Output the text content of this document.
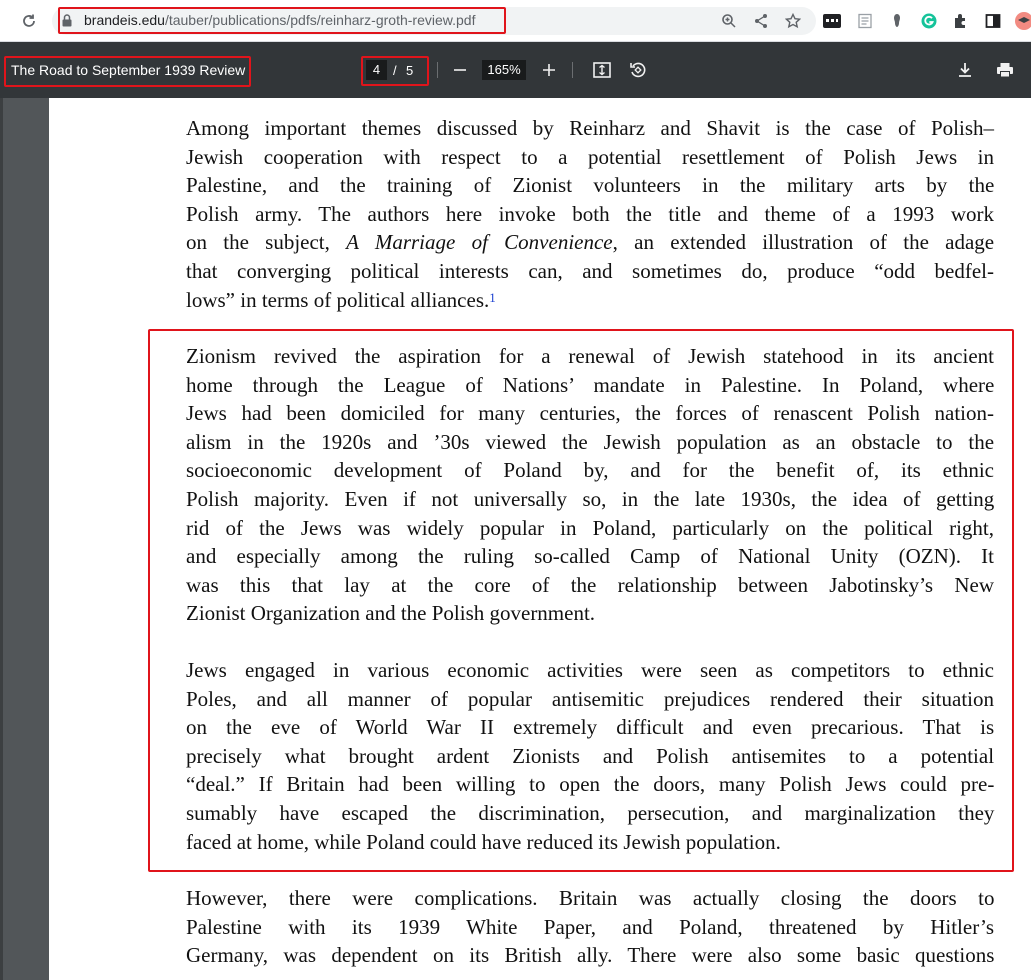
brandeis.edu/tauber/publications/pdfs/reinharz-groth-review.pdf
The Road to September 1939 Review	4 / 5	165%
Among important themes discussed by Reinharz and Shavit is the case of Polish–
Jewish cooperation with respect to a potential resettlement of Polish Jews in
Palestine, and the training of Zionist volunteers in the military arts by the
Polish army. The authors here invoke both the title and theme of a 1993 work
on the subject, A Marriage of Convenience, an extended illustration of the adage
that converging political interests can, and sometimes do, produce “odd bedfel-
lows” in terms of political alliances.$^1$
Zionism revived the aspiration for a renewal of Jewish statehood in its ancient
home through the League of Nations’ mandate in Palestine. In Poland, where
Jews had been domiciled for many centuries, the forces of renascent Polish nation-
alism in the 1920s and ’30s viewed the Jewish population as an obstacle to the
socioeconomic development of Poland by, and for the benefit of, its ethnic
Polish majority. Even if not universally so, in the late 1930s, the idea of getting
rid of the Jews was widely popular in Poland, particularly on the political right,
and especially among the ruling so-called Camp of National Unity (OZN). It
was this that lay at the core of the relationship between Jabotinsky’s New
Zionist Organization and the Polish government.
Jews engaged in various economic activities were seen as competitors to ethnic
Poles, and all manner of popular antisemitic prejudices rendered their situation
on the eve of World War II extremely difficult and even precarious. That is
precisely what brought ardent Zionists and Polish antisemites to a potential
“deal.” If Britain had been willing to open the doors, many Polish Jews could pre-
sumably have escaped the discrimination, persecution, and marginalization they
faced at home, while Poland could have reduced its Jewish population.
However, there were complications. Britain was actually closing the doors to
Palestine with its 1939 White Paper, and Poland, threatened by Hitler’s
Germany, was dependent on its British ally. There were also some basic questions
